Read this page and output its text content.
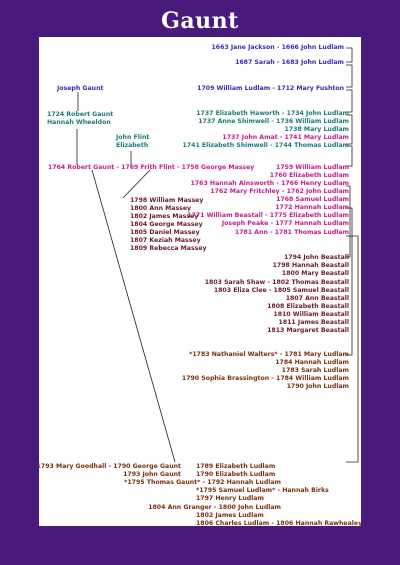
Gaunt
1663 Jane Jackson - 1666 John Ludlam
1687 Sarah - 1683 John Ludlam
1709 William Ludlam - 1712 Mary Fushton
Joseph Gaunt
1724 Robert Gaunt
Hannah Wheeldon
1737 Elizabeth Haworth - 1734 John Ludlam
1737 Anne Shimwell - 1736 William Ludlam
1738 Mary Ludlam
1737 John Amat - 1741 Mary Ludlam
1741 Elizabeth Shimwell - 1744 Thomas Ludlam
John Flint
Elizabeth
1764 Robert Gaunt - 1769 Frith Flint - 1758 George Massey	1759 William Ludlam
1760 Elizabeth Ludlam
1763 Hannah Ainsworth - 1766 Henry Ludlam
1762 Mary Fritchley - 1762 John Ludlam
1768 Samuel Ludlam
1772 Hannah Ludlam
1771 William Beastall - 1775 Elizabeth Ludlam
Joseph Peake - 1777 Hannah Ludlam
1781 Ann - 1781 Thomas Ludlam
1798 William Massey
1800 Ann Massey
1802 James Massey
1804 George Massey
1805 Daniel Massey
1807 Keziah Massey
1809 Rebecca Massey
1794 John Beastall
1798 Hannah Beastall
1800 Mary Beastall
1803 Sarah Shaw - 1802 Thomas Beastall
1803 Eliza Clee - 1805 Samuel Beastall
1807 Ann Beastall
1808 Elizabeth Beastall
1810 William Beastall
1811 James Beastall
1813 Margaret Beastall
*1783 Nathaniel Walters* - 1781 Mary Ludlam
1784 Hannah Ludlam
1783 Sarah Ludlam
1790 Sophia Brassington - 1784 William Ludlam
1790 John Ludlam
1793 Mary Goodhall - 1790 George Gaunt
1793 John Gaunt
*1795 Thomas Gaunt* - 1792 Hannah Ludlam
1804 Ann Granger - 1800 John Ludlam
1789 Elizabeth Ludlam
1790 Elizabeth Ludlam
*1795 Samuel Ludlam* - Hannah Birks
1797 Henry Ludlam
1802 James Ludlam
1806 Charles Ludlam - 1806 Hannah Rawhealey
